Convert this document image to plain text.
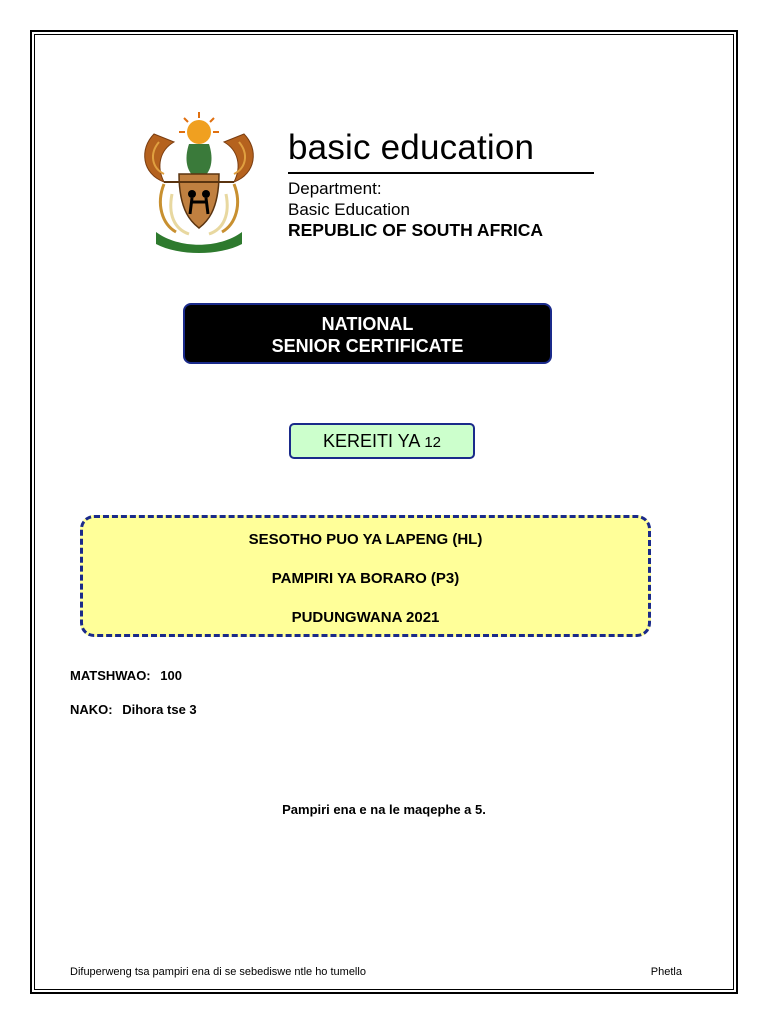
basic education
Department:
Basic Education
REPUBLIC OF SOUTH AFRICA
NATIONAL
SENIOR CERTIFICATE
KEREITI YA 12
SESOTHO PUO YA LAPENG (HL)
PAMPIRI YA BORARO (P3)
PUDUNGWANA 2021
MATSHWAO: 100
NAKO: Dihora tse 3
Pampiri ena e na le maqephe a 5.
Difuperweng tsa pampiri ena di se sebediswe ntle ho tumello	Phetla
